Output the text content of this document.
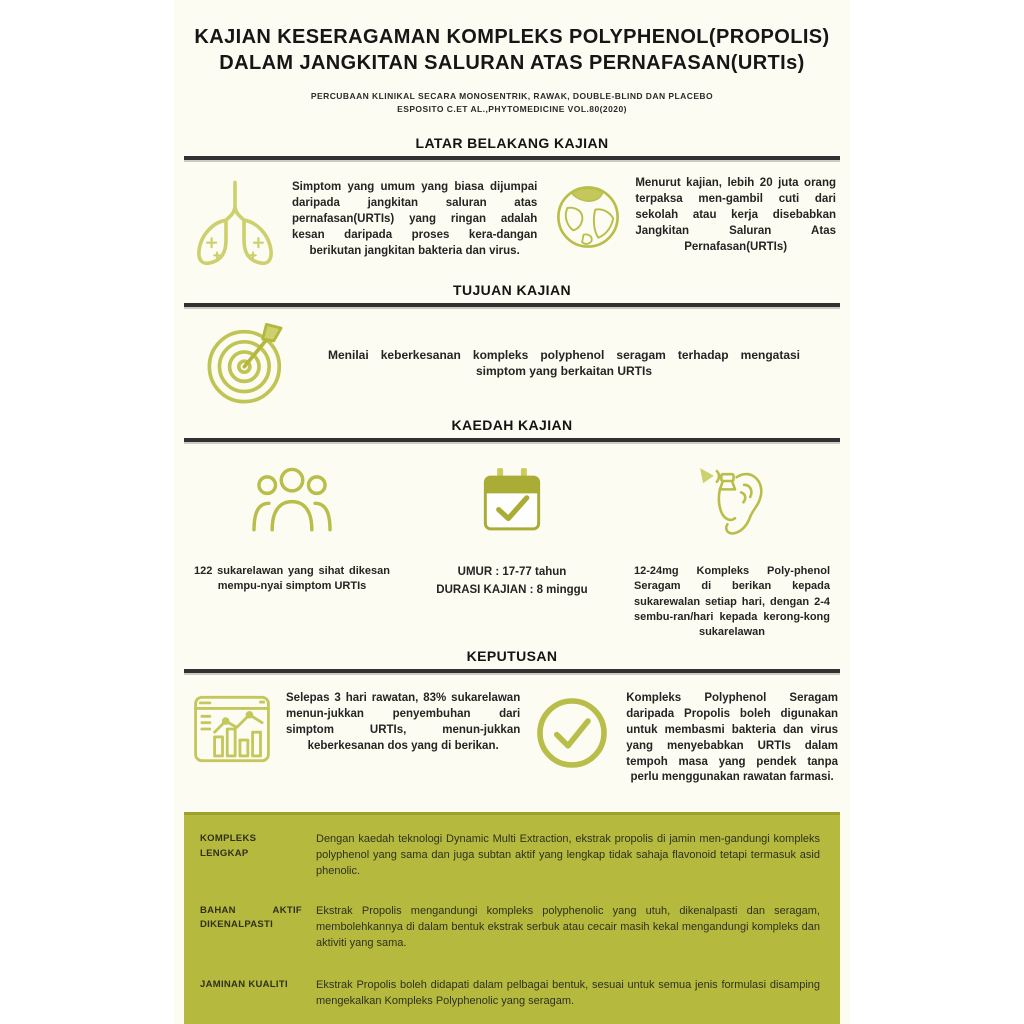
KAJIAN KESERAGAMAN KOMPLEKS POLYPHENOL(PROPOLIS)
DALAM JANGKITAN SALURAN ATAS PERNAFASAN(URTIs)
PERCUBAAN KLINIKAL SECARA MONOSENTRIK, RAWAK, DOUBLE-BLIND DAN PLACEBO
ESPOSITO C.ET AL.,PHYTOMEDICINE VOL.80(2020)
LATAR BELAKANG KAJIAN

Simptom yang umum yang biasa dijumpai daripada jangkitan saluran atas pernafasan(URTIs) yang ringan adalah kesan daripada proses kera-dangan berikutan jangkitan bakteria dan virus.

Menurut kajian, lebih 20 juta orang terpaksa men-gambil cuti dari sekolah atau kerja disebabkan Jangkitan Saluran Atas Pernafasan(URTIs)

TUJUAN KAJIAN

Menilai keberkesanan kompleks polyphenol seragam terhadap mengatasi simptom yang berkaitan URTIs

KAEDAH KAJIAN

122 sukarelawan yang sihat dikesan mempu-nyai simptom URTIs

UMUR : 17-77 tahun
DURASI KAJIAN : 8 minggu

12-24mg Kompleks Poly-phenol Seragam di berikan kepada sukarewalan setiap hari, dengan 2-4 sembu-ran/hari kepada kerong-kong sukarelawan

KEPUTUSAN

Selepas 3 hari rawatan, 83% sukarelawan menun-jukkan penyembuhan dari simptom URTIs, menun-jukkan keberkesanan dos yang di berikan.

Kompleks Polyphenol Seragam daripada Propolis boleh digunakan untuk membasmi bakteria dan virus yang menyebabkan URTIs dalam tempoh masa yang pendek tanpa perlu menggunakan rawatan farmasi.

KOMPLEKS LENGKAP
Dengan kaedah teknologi Dynamic Multi Extraction, ekstrak propolis di jamin men-gandungi kompleks polyphenol yang sama dan juga subtan aktif yang lengkap tidak sahaja flavonoid tetapi termasuk asid phenolic.
BAHAN AKTIF DIKENALPASTI
Ekstrak Propolis mengandungi kompleks polyphenolic yang utuh, dikenalpasti dan seragam, membolehkannya di dalam bentuk ekstrak serbuk atau cecair masih kekal mengandungi kompleks dan aktiviti yang sama.
JAMINAN KUALITI	Ekstrak Propolis boleh didapati dalam pelbagai bentuk, sesuai untuk semua jenis formulasi disamping mengekalkan Kompleks Polyphenolic yang seragam.
